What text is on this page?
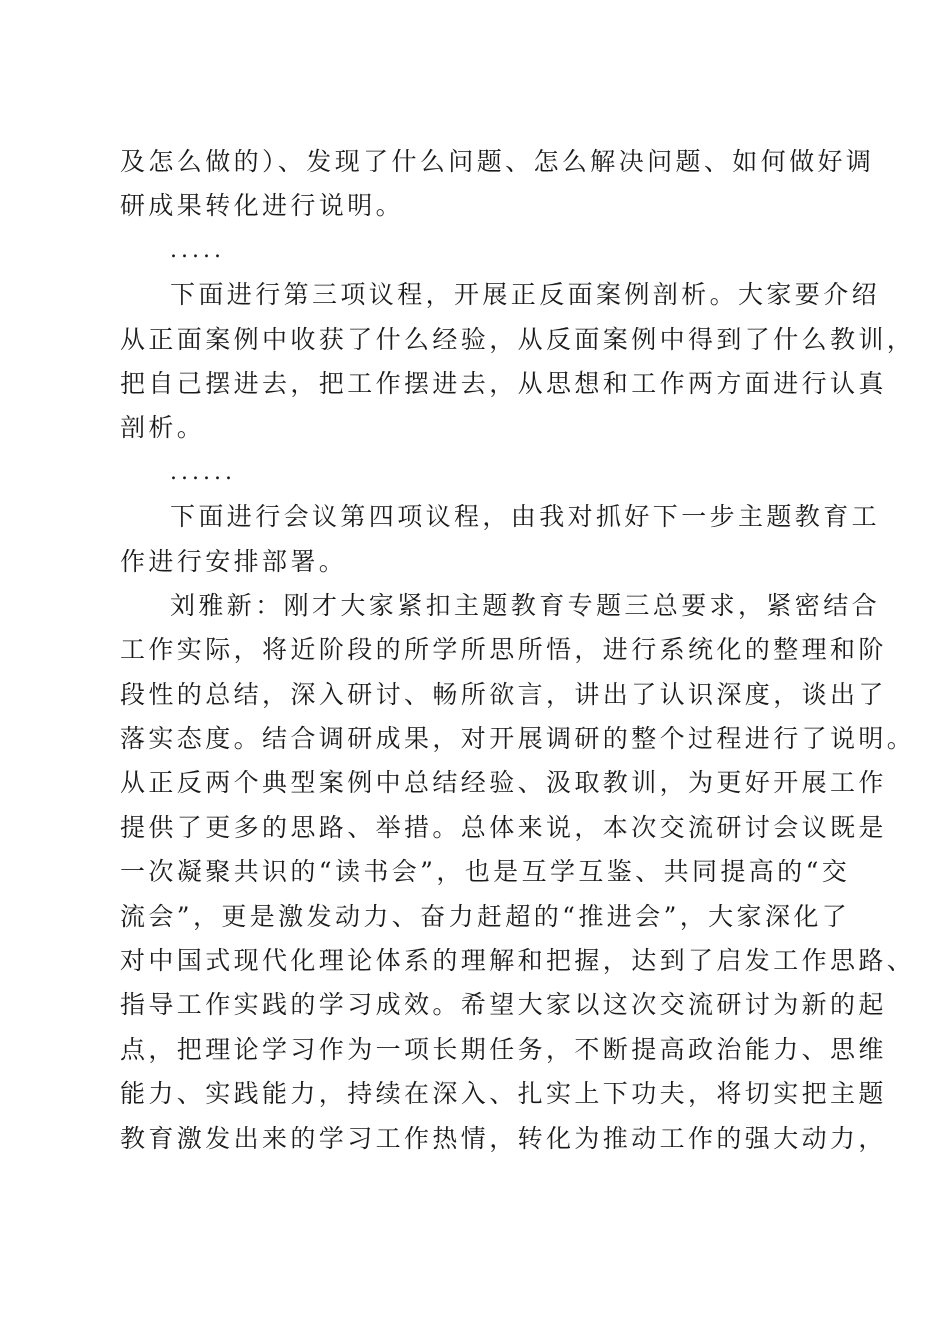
及怎么做的）、发现了什么问题、怎么解决问题、如何做好调
研成果转化进行说明。
.....
下面进行第三项议程，开展正反面案例剖析。大家要介绍
从正面案例中收获了什么经验，从反面案例中得到了什么教训，
把自己摆进去，把工作摆进去，从思想和工作两方面进行认真
剖析。
......
下面进行会议第四项议程，由我对抓好下一步主题教育工
作进行安排部署。
刘雅新：刚才大家紧扣主题教育专题三总要求，紧密结合
工作实际，将近阶段的所学所思所悟，进行系统化的整理和阶
段性的总结，深入研讨、畅所欲言，讲出了认识深度，谈出了
落实态度。结合调研成果，对开展调研的整个过程进行了说明。
从正反两个典型案例中总结经验、汲取教训，为更好开展工作
提供了更多的思路、举措。总体来说，本次交流研讨会议既是
一次凝聚共识的“读书会”，也是互学互鉴、共同提高的“交
流会”，更是激发动力、奋力赶超的“推进会”，大家深化了
对中国式现代化理论体系的理解和把握，达到了启发工作思路、
指导工作实践的学习成效。希望大家以这次交流研讨为新的起
点，把理论学习作为一项长期任务，不断提高政治能力、思维
能力、实践能力，持续在深入、扎实上下功夫，将切实把主题
教育激发出来的学习工作热情，转化为推动工作的强大动力，
